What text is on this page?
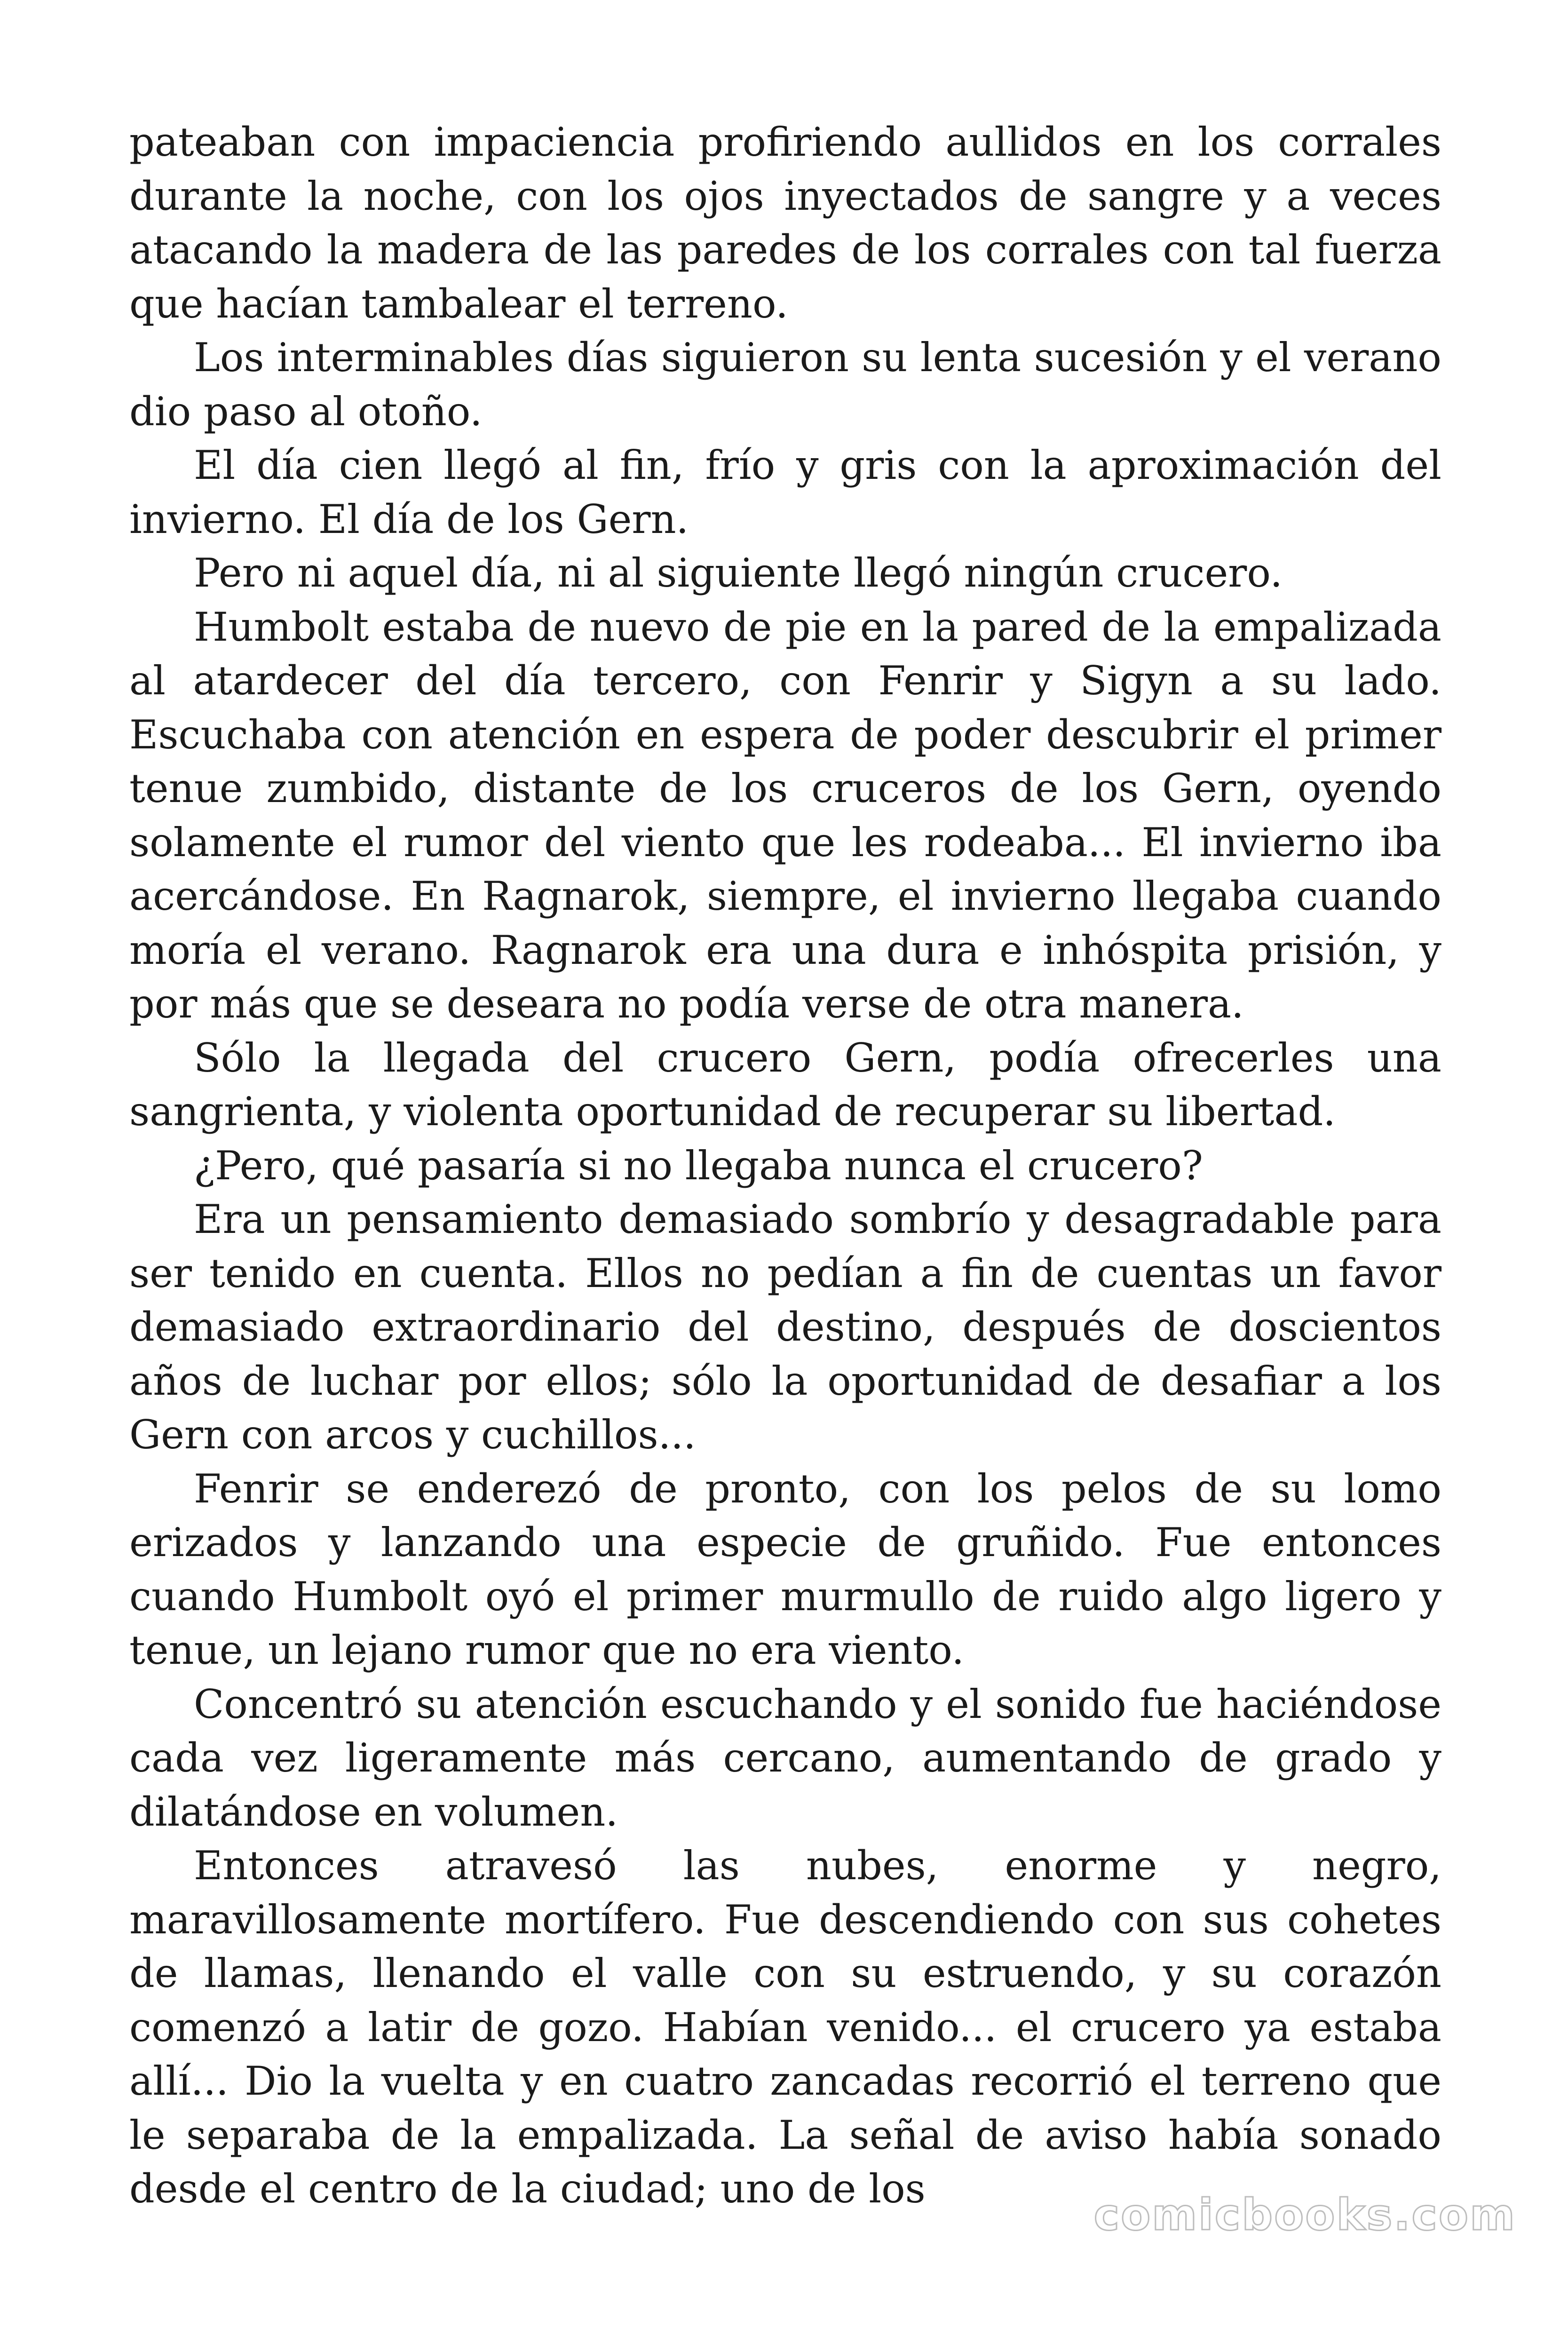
pateaban con impaciencia profiriendo aullidos en los corrales durante la noche, con los ojos inyectados de sangre y a veces atacando la madera de las paredes de los corrales con tal fuerza que hacían tambalear el terreno.

Los interminables días siguieron su lenta sucesión y el verano dio paso al otoño.

El día cien llegó al fin, frío y gris con la aproximación del invierno. El día de los Gern.

Pero ni aquel día, ni al siguiente llegó ningún crucero.

Humbolt estaba de nuevo de pie en la pared de la empalizada al atardecer del día tercero, con Fenrir y Sigyn a su lado. Escuchaba con atención en espera de poder descubrir el primer tenue zumbido, distante de los cruceros de los Gern, oyendo solamente el rumor del viento que les rodeaba... El invierno iba acercándose. En Ragnarok, siempre, el invierno llegaba cuando moría el verano. Ragnarok era una dura e inhóspita prisión, y por más que se deseara no podía verse de otra manera.

Sólo la llegada del crucero Gern, podía ofrecerles una sangrienta, y violenta oportunidad de recuperar su libertad.

¿Pero, qué pasaría si no llegaba nunca el crucero?

Era un pensamiento demasiado sombrío y desagradable para ser tenido en cuenta. Ellos no pedían a fin de cuentas un favor demasiado extraordinario del destino, después de doscientos años de luchar por ellos; sólo la oportunidad de desafiar a los Gern con arcos y cuchillos...

Fenrir se enderezó de pronto, con los pelos de su lomo erizados y lanzando una especie de gruñido. Fue entonces cuando Humbolt oyó el primer murmullo de ruido algo ligero y tenue, un lejano rumor que no era viento.

Concentró su atención escuchando y el sonido fue haciéndose cada vez ligeramente más cercano, aumentando de grado y dilatándose en volumen.

Entonces atravesó las nubes, enorme y negro, maravillosamente mortífero. Fue descendiendo con sus cohetes de llamas, llenando el valle con su estruendo, y su corazón comenzó a latir de gozo. Habían venido... el crucero ya estaba allí... Dio la vuelta y en cuatro zancadas recorrió el terreno que le separaba de la empalizada. La señal de aviso había sonado desde el centro de la ciudad; uno de los

comicbooks.com
